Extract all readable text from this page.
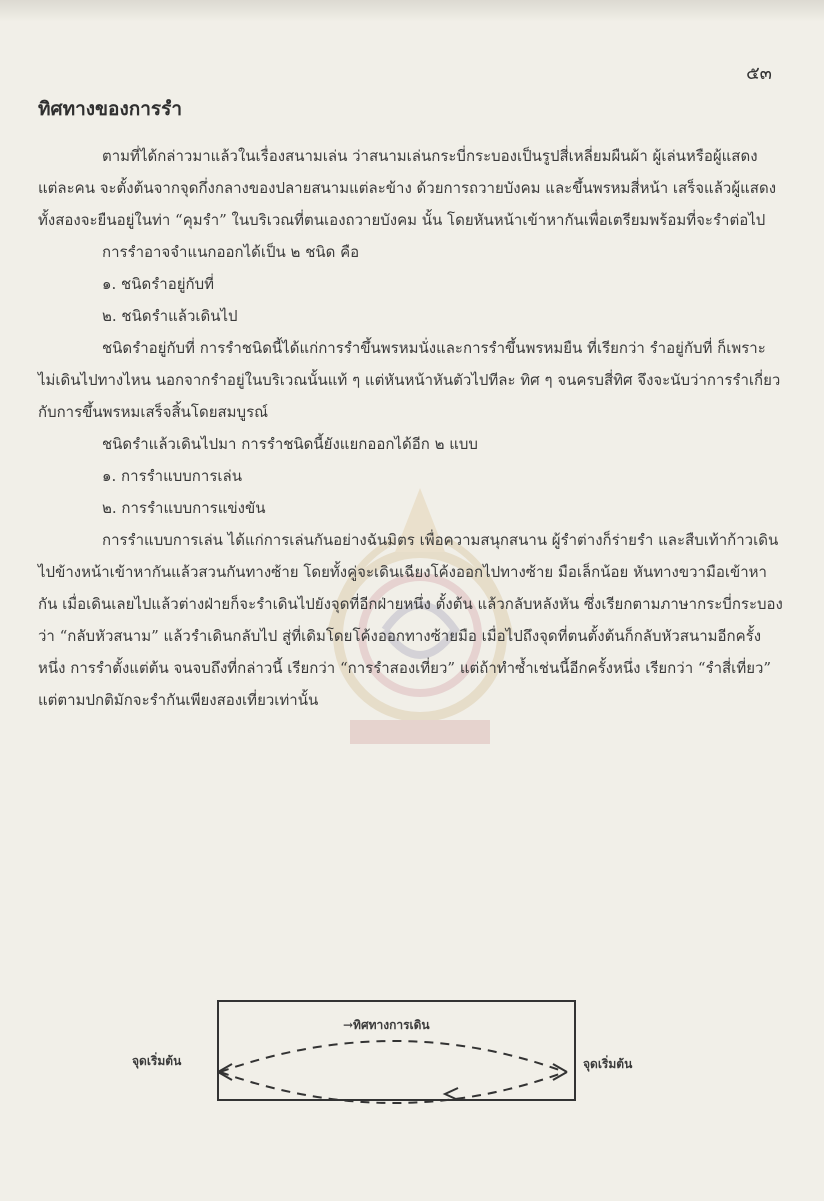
๕๓
ทิศทางของการรำ

ตามที่ได้กล่าวมาแล้วในเรื่องสนามเล่น ว่าสนามเล่นกระบี่กระบองเป็นรูปสี่เหลี่ยมผืนผ้า ผู้เล่นหรือผู้แสดงแต่ละคน จะตั้งต้นจากจุดกึ่งกลางของปลายสนามแต่ละข้าง ด้วยการถวายบังคม และขึ้นพรหมสี่หน้า เสร็จแล้วผู้แสดงทั้งสองจะยืนอยู่ในท่า “คุมรำ” ในบริเวณที่ตนเองถวายบังคม นั้น โดยหันหน้าเข้าหากันเพื่อเตรียมพร้อมที่จะรำต่อไป

การรำอาจจำแนกออกได้เป็น ๒ ชนิด คือ

๑. ชนิดรำอยู่กับที่

๒. ชนิดรำแล้วเดินไป

ชนิดรำอยู่กับที่ การรำชนิดนี้ได้แก่การรำขึ้นพรหมนั่งและการรำขึ้นพรหมยืน ที่เรียกว่า รำอยู่กับที่ ก็เพราะไม่เดินไปทางไหน นอกจากรำอยู่ในบริเวณนั้นแท้ ๆ แต่หันหน้าหันตัวไปทีละ ทิศ ๆ จนครบสี่ทิศ จึงจะนับว่าการรำเกี่ยวกับการขึ้นพรหมเสร็จสิ้นโดยสมบูรณ์

ชนิดรำแล้วเดินไปมา การรำชนิดนี้ยังแยกออกได้อีก ๒ แบบ

๑. การรำแบบการเล่น

๒. การรำแบบการแข่งขัน

การรำแบบการเล่น ได้แก่การเล่นกันอย่างฉันมิตร เพื่อความสนุกสนาน ผู้รำต่างก็ร่ายรำ และสืบเท้าก้าวเดินไปข้างหน้าเข้าหากันแล้วสวนกันทางซ้าย โดยทั้งคู่จะเดินเฉียงโค้งออกไปทางซ้าย มือเล็กน้อย หันทางขวามือเข้าหากัน เมื่อเดินเลยไปแล้วต่างฝ่ายก็จะรำเดินไปยังจุดที่อีกฝ่ายหนึ่ง ตั้งต้น แล้วกลับหลังหัน ซึ่งเรียกตามภาษากระบี่กระบอง ว่า “กลับหัวสนาม” แล้วรำเดินกลับไป สู่ที่เดิมโดยโค้งออกทางซ้ายมือ เมื่อไปถึงจุดที่ตนตั้งต้นก็กลับหัวสนามอีกครั้งหนึ่ง การรำตั้งแต่ต้น จนจบถึงที่กล่าวนี้ เรียกว่า “การรำสองเที่ยว” แต่ถ้าทำซ้ำเช่นนี้อีกครั้งหนึ่ง เรียกว่า “รำสี่เที่ยว” แต่ตามปกติมักจะรำกันเพียงสองเที่ยวเท่านั้น

→ทิศทางการเดิน
จุดเริ่มต้น	จุดเริ่มต้น
